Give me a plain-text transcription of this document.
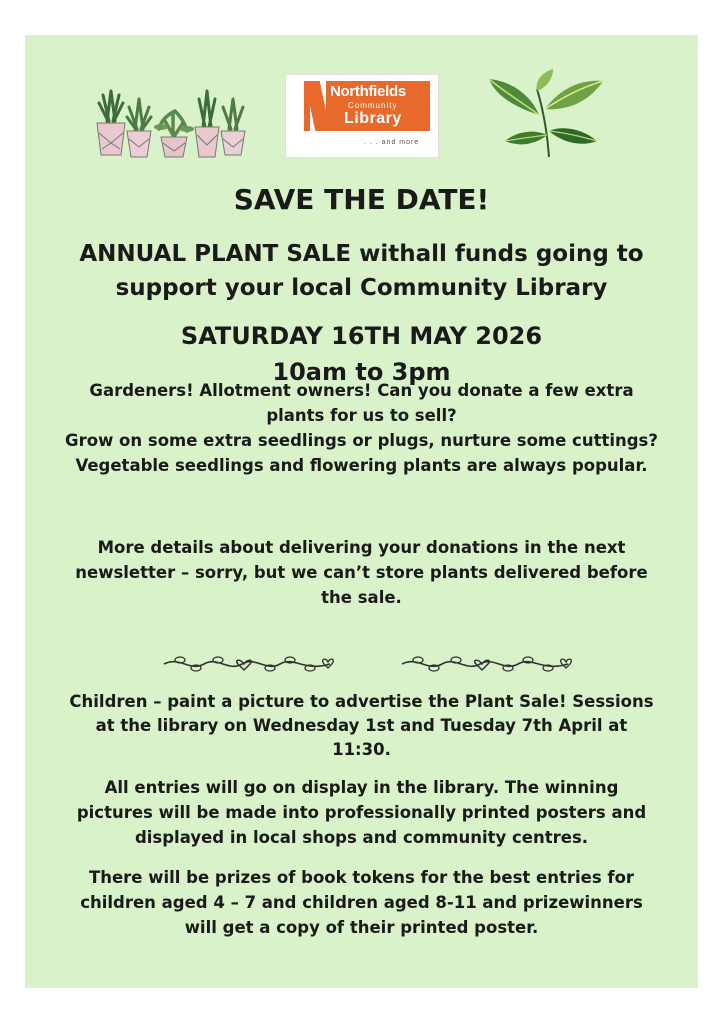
Northfields
Community
Library
. . . and more
SAVE THE DATE!
ANNUAL PLANT SALE withall funds going to support your local Community Library
SATURDAY 16TH MAY 2026
10am to 3pm

Gardeners! Allotment owners! Can you donate a few extra plants for us to sell?

Grow on some extra seedlings or plugs, nurture some cuttings?

Vegetable seedlings and flowering plants are always popular.

More details about delivering your donations in the next newsletter – sorry, but we can’t store plants delivered before the sale.
Children – paint a picture to advertise the Plant Sale! Sessions at the library on Wednesday 1st and Tuesday 7th April at 11:30.
All entries will go on display in the library. The winning pictures will be made into professionally printed posters and displayed in local shops and community centres.
There will be prizes of book tokens for the best entries for children aged 4 – 7 and children aged 8-11 and prizewinners will get a copy of their printed poster.
